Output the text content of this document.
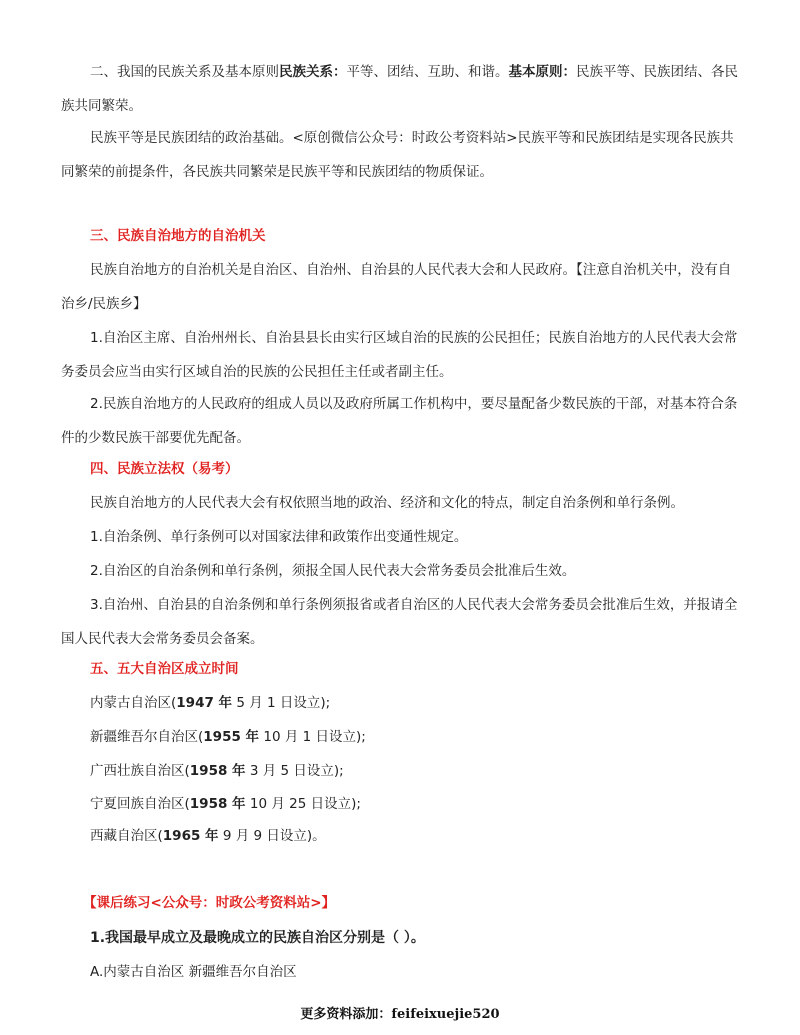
二、我国的民族关系及基本原则民族关系：平等、团结、互助、和谐。基本原则：民族平等、民族团结、各民族共同繁荣。

民族平等是民族团结的政治基础。<原创微信公众号：时政公考资料站>民族平等和民族团结是实现各民族共同繁荣的前提条件，各民族共同繁荣是民族平等和民族团结的物质保证。

三、民族自治地方的自治机关

民族自治地方的自治机关是自治区、自治州、自治县的人民代表大会和人民政府。【注意自治机关中，没有自治乡/民族乡】

1.自治区主席、自治州州长、自治县县长由实行区域自治的民族的公民担任；民族自治地方的人民代表大会常务委员会应当由实行区域自治的民族的公民担任主任或者副主任。

2.民族自治地方的人民政府的组成人员以及政府所属工作机构中，要尽量配备少数民族的干部，对基本符合条件的少数民族干部要优先配备。

四、民族立法权（易考）

民族自治地方的人民代表大会有权依照当地的政治、经济和文化的特点，制定自治条例和单行条例。

1.自治条例、单行条例可以对国家法律和政策作出变通性规定。

2.自治区的自治条例和单行条例，须报全国人民代表大会常务委员会批准后生效。

3.自治州、自治县的自治条例和单行条例须报省或者自治区的人民代表大会常务委员会批准后生效，并报请全国人民代表大会常务委员会备案。

五、五大自治区成立时间

内蒙古自治区(1947 年 5 月 1 日设立);
新疆维吾尔自治区(1955 年 10 月 1 日设立);
广西壮族自治区(1958 年 3 月 5 日设立);
宁夏回族自治区(1958 年 10 月 25 日设立);
西藏自治区(1965 年 9 月 9 日设立)。

【课后练习<公众号：时政公考资料站>】

1.我国最早成立及最晚成立的民族自治区分别是（ ）。

A.内蒙古自治区 新疆维吾尔自治区

更多资料添加：feifeixuejie520
